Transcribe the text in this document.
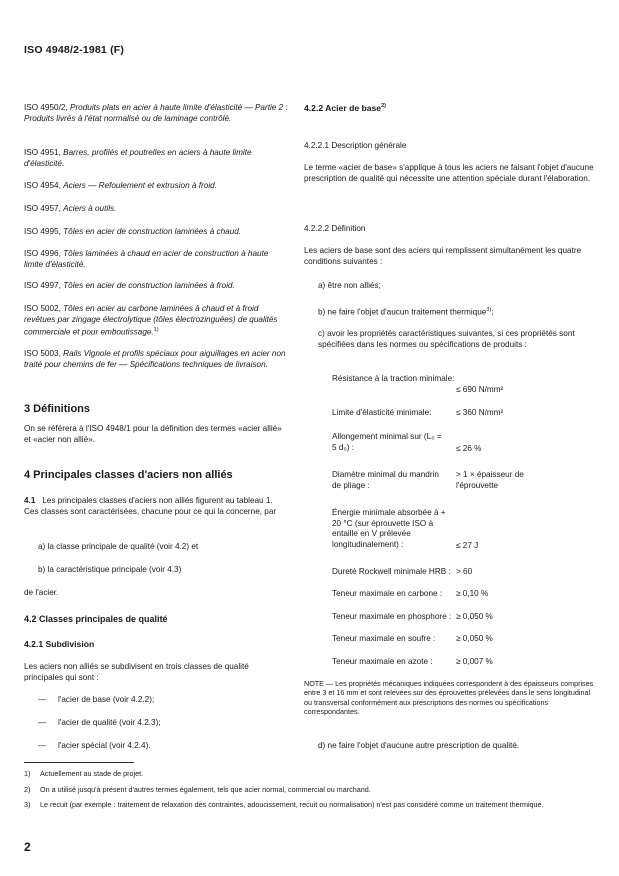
ISO 4948/2-1981 (F)

ISO 4950/2, Produits plats en acier à haute limite d'élasticité — Partie 2 : Produits livrés à l'état normalisé ou de laminage contrôlé.

ISO 4951, Barres, profilés et poutrelles en aciers à haute limite d'élasticité.

ISO 4954, Aciers — Refoulement et extrusion à froid.

ISO 4957, Aciers à outils.

ISO 4995, Tôles en acier de construction laminées à chaud.

ISO 4996, Tôles laminées à chaud en acier de construction à haute limite d'élasticité.

ISO 4997, Tôles en acier de construction laminées à froid.

ISO 5002, Tôles en acier au carbone laminées à chaud et à froid revêtues par zingage électrolytique (tôles électrozinguées) de qualités commerciale et pour emboutissage.$^{1)}$

ISO 5003, Rails Vignole et profils spéciaux pour aiguillages en acier non traité pour chemins de fer — Spécifications techniques de livraison.

3 Définitions

On se référera à l'ISO 4948/1 pour la définition des termes «acier allié» et «acier non allié».

4 Principales classes d'aciers non alliés

4.1 Les principales classes d'aciers non alliés figurent au tableau 1. Ces classes sont caractérisées, chacune pour ce qui la concerne, par

a) la classe principale de qualité (voir 4.2) et

b) la caractéristique principale (voir 4.3)

de l'acier.

4.2 Classes principales de qualité
4.2.1 Subdivision

Les aciers non alliés se subdivisent en trois classes de qualité principales qui sont :

— l'acier de base (voir 4.2.2);
— l'acier de qualité (voir 4.2.3);
— l'acier spécial (voir 4.2.4).
4.2.2 Acier de base$^{2)}$
4.2.2.1 Description générale

Le terme «acier de base» s'applique à tous les aciers ne faisant l'objet d'aucune prescription de qualité qui nécessite une attention spéciale durant l'élaboration.

4.2.2.2 Définition

Les aciers de base sont des aciers qui remplissent simultanément les quatre conditions suivantes :

a) être non alliés;

b) ne faire l'objet d'aucun traitement thermique$^{3)}$;

c) avoir les propriétés caractéristiques suivantes, si ces propriétés sont spécifiées dans les normes ou spécifications de produits :

Résistance à la traction minimale:
≤ 690 N/mm²
Limite d'élasticité minimale:	≤ 360 N/mm²
Allongement minimal sur (L₀ = 5 d₀) :	≤ 26 %
Diamètre minimal du mandrin de pliage :
> 1 × épaisseur de l'éprouvette
Énergie minimale absorbée à + 20 °C (sur éprouvette ISO à entaille en V prélevée longitudinalement) :	≤ 27 J
Dureté Rockwell minimale HRB : > 60
Teneur maximale en carbone :	≥ 0,10 %
Teneur maximale en phosphore : ≥ 0,050 %
Teneur maximale en soufre :	≥ 0,050 %
Teneur maximale en azote :	≥ 0,007 %

NOTE — Les propriétés mécaniques indiquées correspondent à des épaisseurs comprises entre 3 et 16 mm et sont relevées sur des éprouvettes prélevées dans le sens longitudinal ou transversal conformément aux prescriptions des normes ou spécifications correspondantes.

d) ne faire l'objet d'aucune autre prescription de qualité.

1) Actuellement au stade de projet.
2) On a utilisé jusqu'à présent d'autres termes également, tels que acier normal, commercial ou marchand.
3) Le recuit (par exemple : traitement de relaxation des contraintes, adoucissement, recuit ou normalisation) n'est pas considéré comme un traitement thermique.
2
